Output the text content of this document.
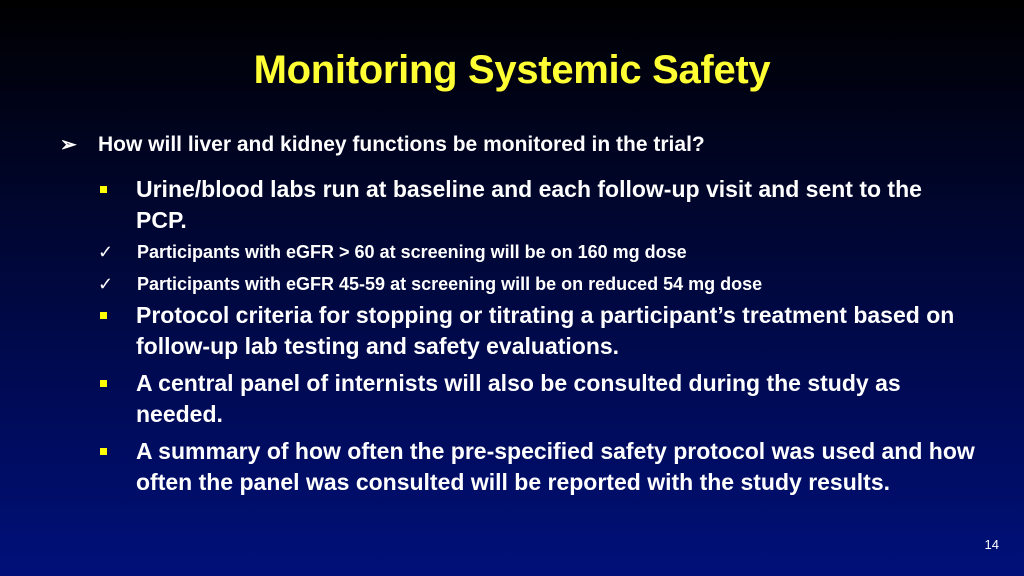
Monitoring Systemic Safety
➢ How will liver and kidney functions be monitored in the trial?
Urine/blood labs run at baseline and each follow-up visit and sent to the PCP.
✓ Participants with eGFR > 60 at screening will be on 160 mg dose
✓ Participants with eGFR 45-59 at screening will be on reduced 54 mg dose
Protocol criteria for stopping or titrating a participant’s treatment based on follow-up lab testing and safety evaluations.
A central panel of internists will also be consulted during the study as needed.
A summary of how often the pre-specified safety protocol was used and how often the panel was consulted will be reported with the study results.
14
